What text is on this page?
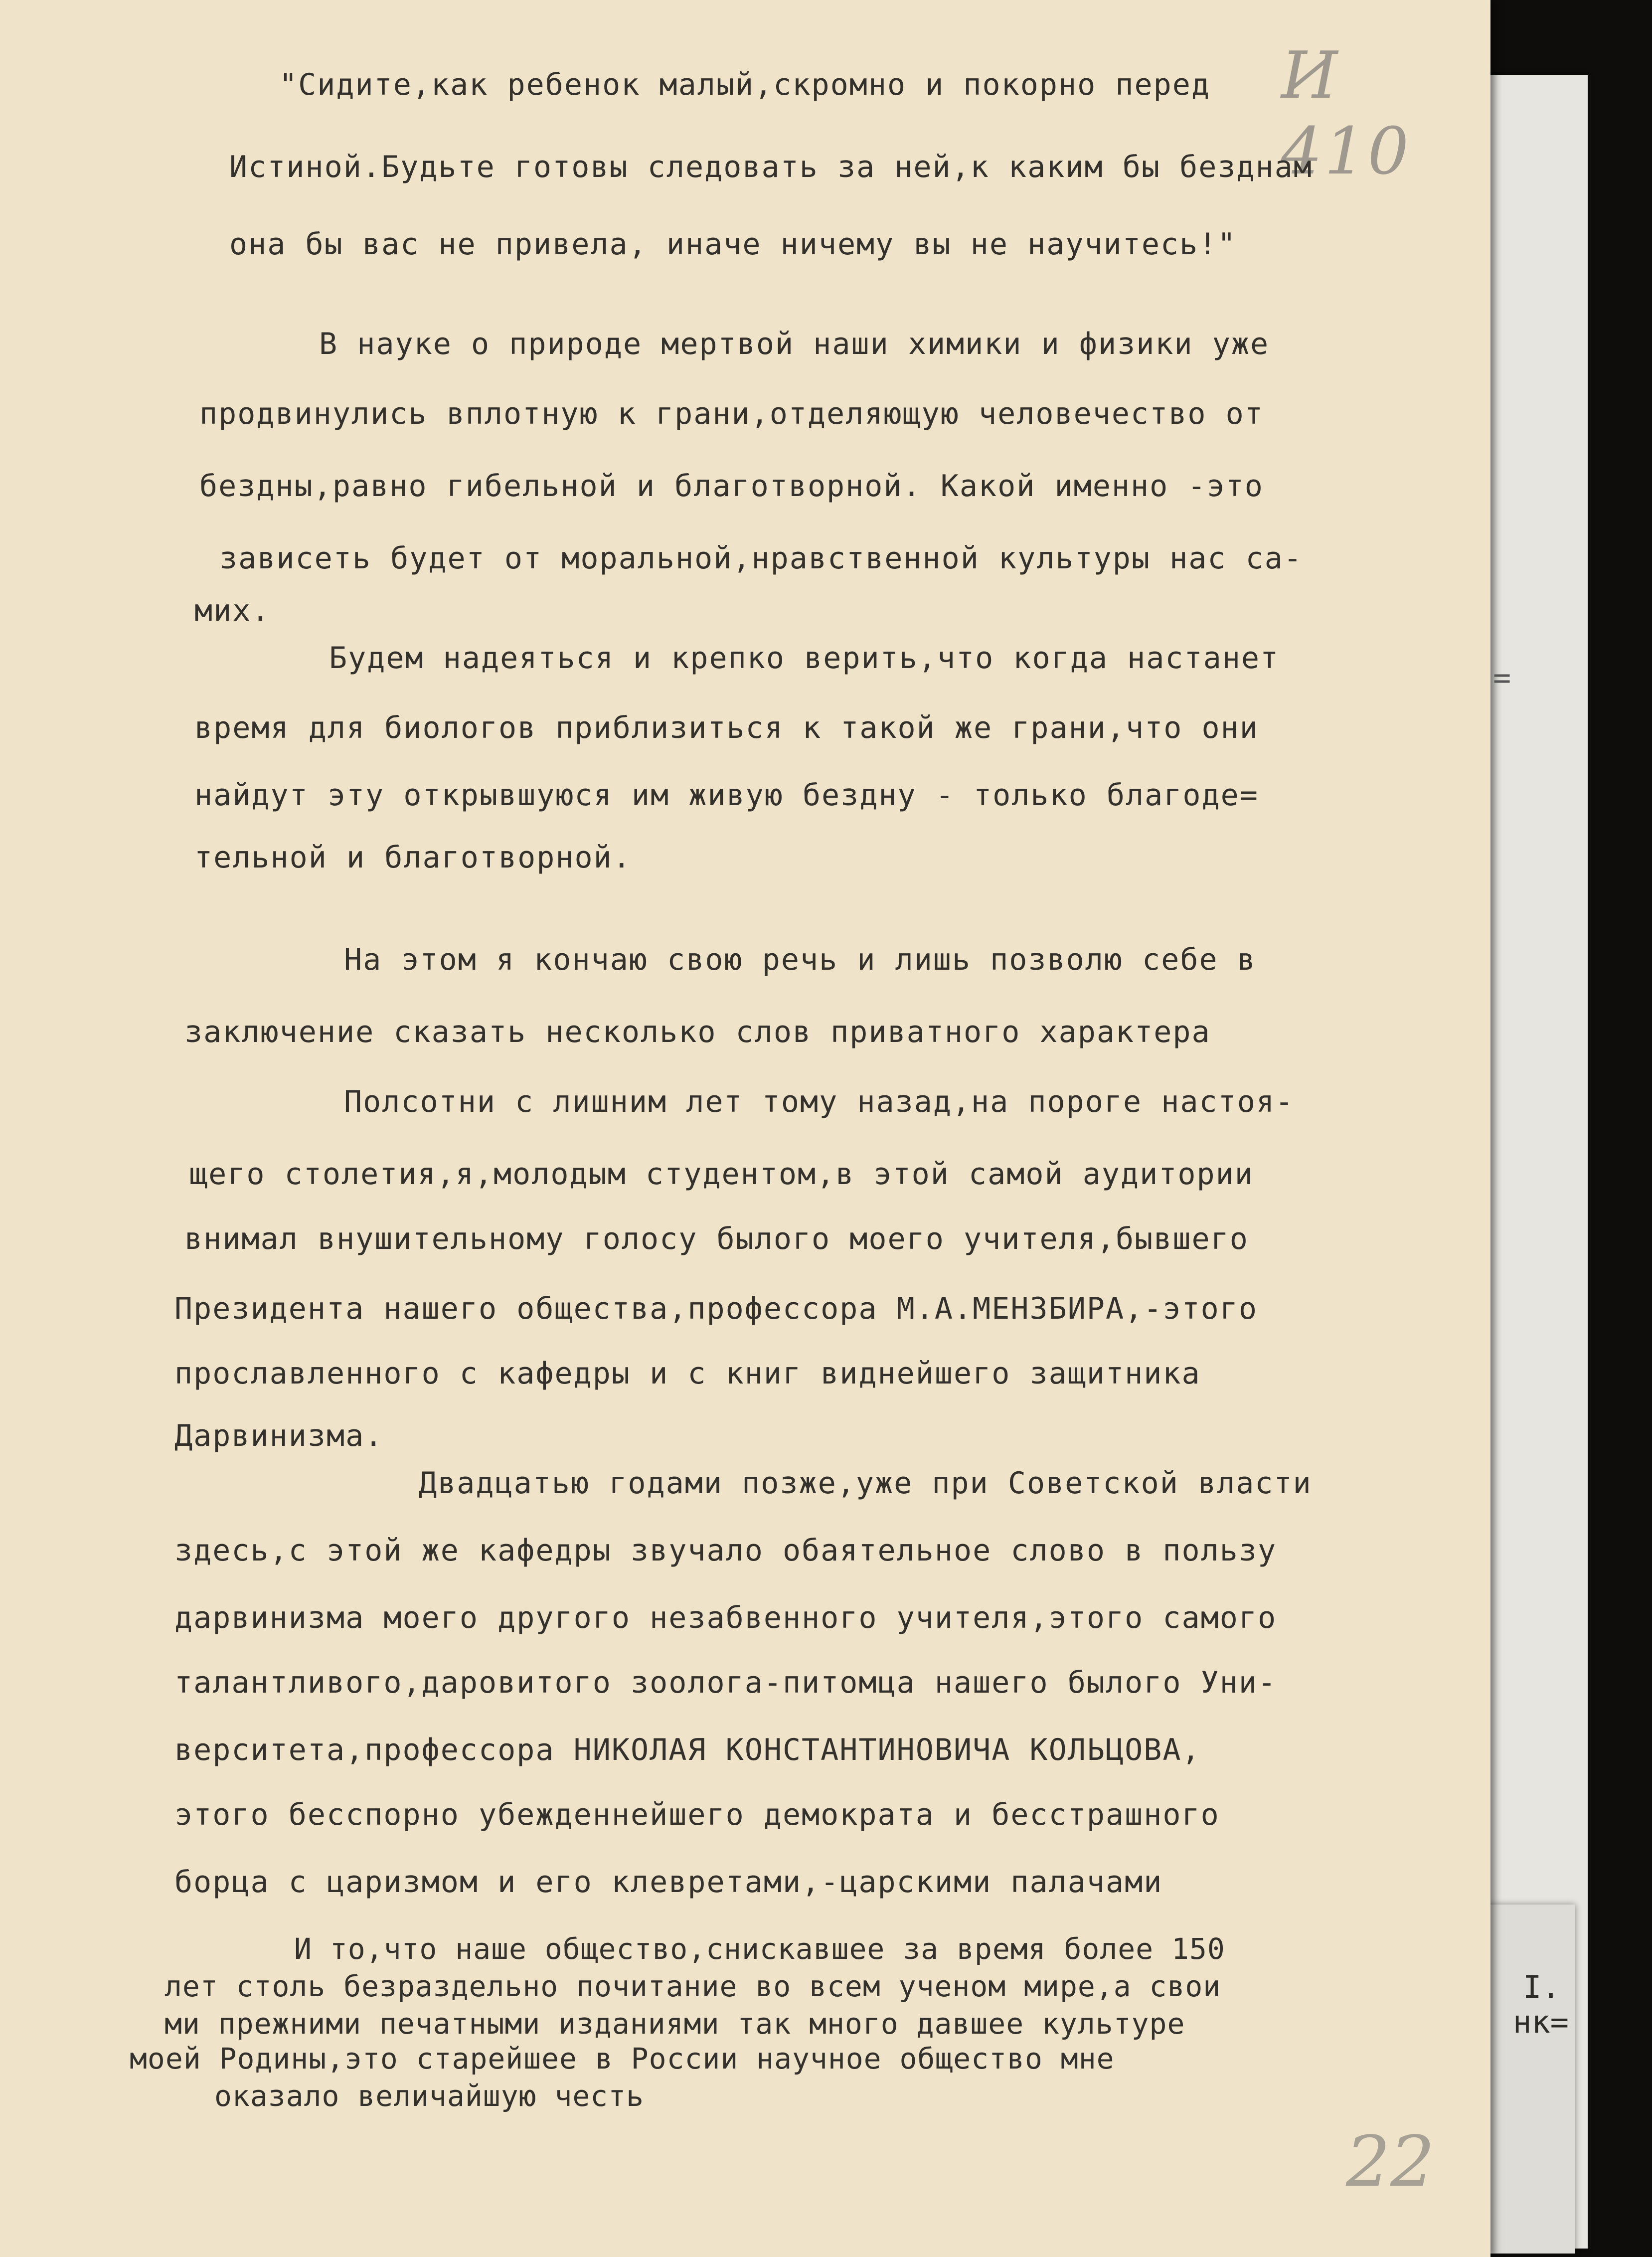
I.
нк=
И 410
=
"Сидите,как ребенок малый,скромно и покорно перед
Истиной.Будьте готовы следовать за ней,к каким бы безднам
она бы вас не привела, иначе ничему вы не научитесь!"
В науке о природе мертвой наши химики и физики уже
продвинулись вплотную к грани,отделяющую человечество от
бездны,равно гибельной и благотворной. Какой именно -это
зависеть будет от моральной,нравственной культуры нас са-
мих.
Будем надеяться и крепко верить,что когда настанет
время для биологов приблизиться к такой же грани,что они
найдут эту открывшуюся им живую бездну - только благоде=
тельной и благотворной.
На этом я кончаю свою речь и лишь позволю себе в
заключение сказать несколько слов приватного характера
Полсотни с лишним лет тому назад,на пороге настоя-
щего столетия,я,молодым студентом,в этой самой аудитории
внимал внушительному голосу былого моего учителя,бывшего
Президента нашего общества,профессора М.А.МЕНЗБИРА,-этого
прославленного с кафедры и с книг виднейшего защитника
Дарвинизма.
Двадцатью годами позже,уже при Советской власти
здесь,с этой же кафедры звучало обаятельное слово в пользу
дарвинизма моего другого незабвенного учителя,этого самого
талантливого,даровитого зоолога-питомца нашего былого Уни-
верситета,профессора НИКОЛАЯ КОНСТАНТИНОВИЧА КОЛЬЦОВА,
этого бесспорно убежденнейшего демократа и бесстрашного
борца с царизмом и его клевретами,-царскими палачами
И то,что наше общество,снискавшее за время более 150
лет столь безраздельно почитание во всем ученом мире,а свои
ми прежними печатными изданиями так много давшее культуре
моей Родины,это старейшее в России научное общество мне
оказало величайшую честь
22
